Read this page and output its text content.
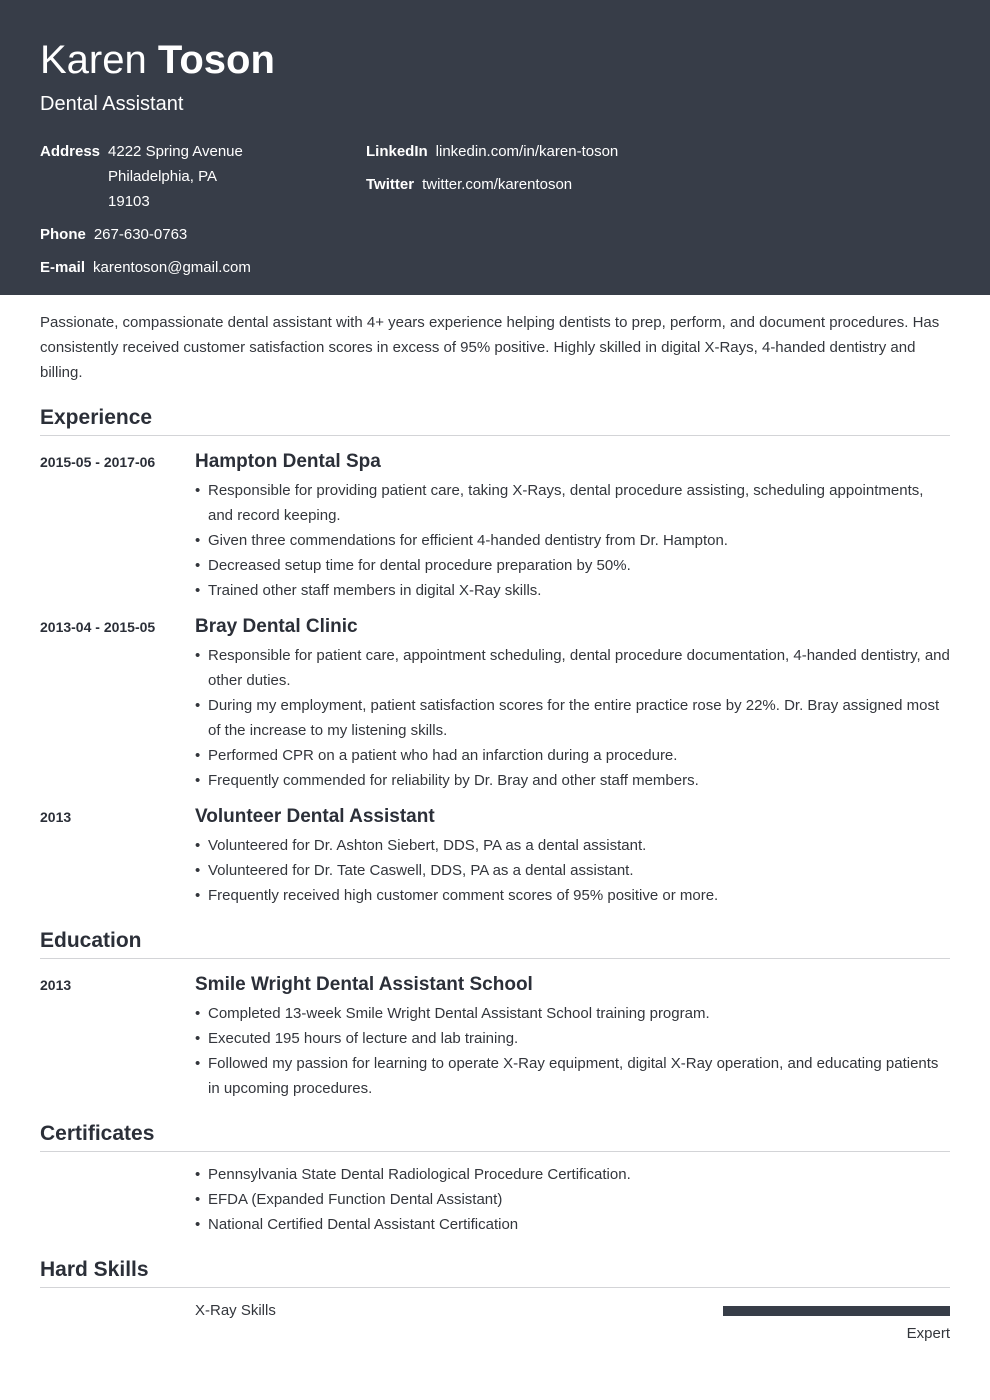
Karen Toson
Dental Assistant
Address 4222 Spring Avenue
Philadelphia, PA
19103
Phone 267-630-0763
E-mail karentoson@gmail.com
LinkedIn linkedin.com/in/karen-toson
Twitter twitter.com/karentoson

Passionate, compassionate dental assistant with 4+ years experience helping dentists to prep, perform, and document procedures. Has consistently received customer satisfaction scores in excess of 95% positive. Highly skilled in digital X-Rays, 4-handed dentistry and billing.

Experience
2015-05 - 2017-06 Hampton Dental Spa
• Responsible for providing patient care, taking X-Rays, dental procedure assisting, scheduling appointments, and record keeping.
• Given three commendations for efficient 4-handed dentistry from Dr. Hampton.
• Decreased setup time for dental procedure preparation by 50%.
• Trained other staff members in digital X-Ray skills.
2013-04 - 2015-05 Bray Dental Clinic
• Responsible for patient care, appointment scheduling, dental procedure documentation, 4-handed dentistry, and other duties.
• During my employment, patient satisfaction scores for the entire practice rose by 22%. Dr. Bray assigned most of the increase to my listening skills.
• Performed CPR on a patient who had an infarction during a procedure.
• Frequently commended for reliability by Dr. Bray and other staff members.
2013	Volunteer Dental Assistant
• Volunteered for Dr. Ashton Siebert, DDS, PA as a dental assistant.
• Volunteered for Dr. Tate Caswell, DDS, PA as a dental assistant.
• Frequently received high customer comment scores of 95% positive or more.
Education
2013	Smile Wright Dental Assistant School
• Completed 13-week Smile Wright Dental Assistant School training program.
• Executed 195 hours of lecture and lab training.
• Followed my passion for learning to operate X-Ray equipment, digital X-Ray operation, and educating patients in upcoming procedures.
Certificates
• Pennsylvania State Dental Radiological Procedure Certification.
• EFDA (Expanded Function Dental Assistant)
• National Certified Dental Assistant Certification
Hard Skills
X-Ray Skills
Expert
